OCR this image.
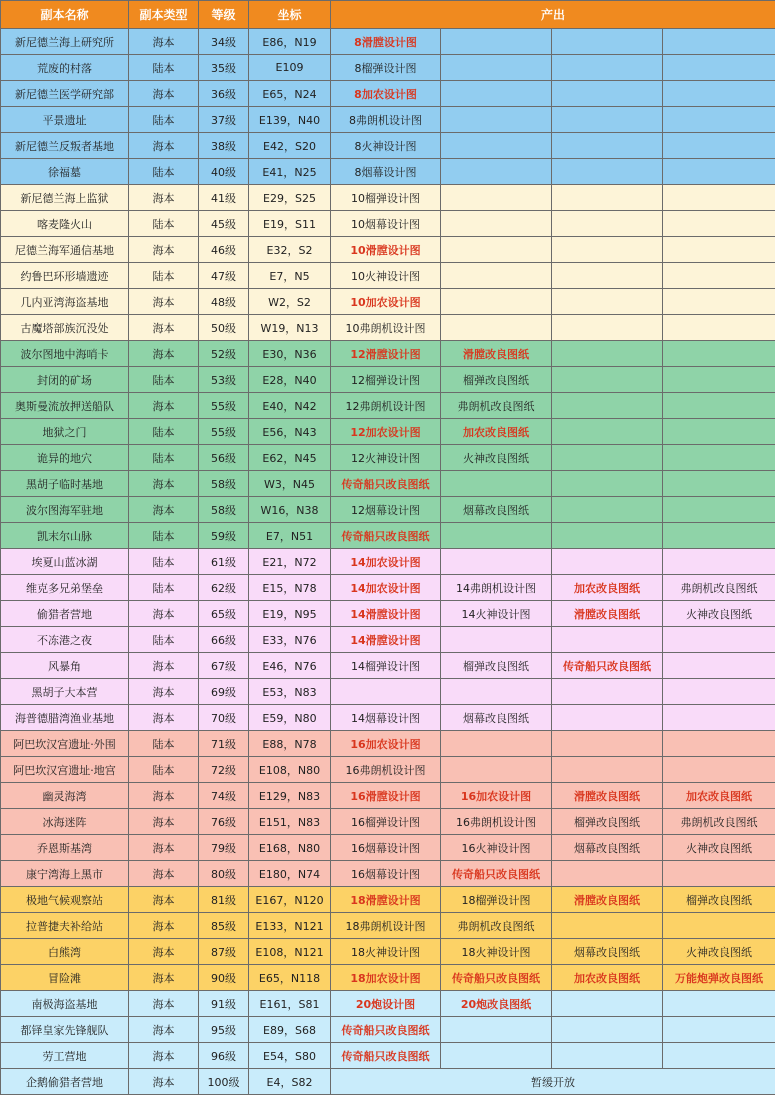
副本名称	副本类型	等级	坐标	产出			
新尼德兰海上研究所	海本	34级	E86，N19	8滑膛设计图			
荒废的村落	陆本	35级	E109	8榴弹设计图			
新尼德兰医学研究部	海本	36级	E65，N24	8加农设计图			
平景遗址	陆本	37级	E139，N40	8弗朗机设计图			
新尼德兰反叛者基地	海本	38级	E42，S20	8火神设计图			
徐福墓	陆本	40级	E41，N25	8烟幕设计图			
新尼德兰海上监狱	海本	41级	E29，S25	10榴弹设计图			
喀麦隆火山	陆本	45级	E19，S11	10烟幕设计图			
尼德兰海军通信基地	海本	46级	E32，S2	10滑膛设计图			
约鲁巴环形墙遗迹	陆本	47级	E7，N5	10火神设计图			
几内亚湾海盗基地	海本	48级	W2，S2	10加农设计图			
古魔塔部族沉没处	海本	50级	W19，N13	10弗朗机设计图			
波尔图地中海哨卡	海本	52级	E30，N36	12滑膛设计图	滑膛改良图纸		
封闭的矿场	陆本	53级	E28，N40	12榴弹设计图	榴弹改良图纸		
奥斯曼流放押送船队	海本	55级	E40，N42	12弗朗机设计图	弗朗机改良图纸		
地狱之门	陆本	55级	E56，N43	12加农设计图	加农改良图纸		
诡异的地穴	陆本	56级	E62，N45	12火神设计图	火神改良图纸		
黑胡子临时基地	海本	58级	W3，N45	传奇船只改良图纸			
波尔图海军驻地	海本	58级	W16，N38	12烟幕设计图	烟幕改良图纸		
凯末尔山脉	陆本	59级	E7，N51	传奇船只改良图纸			
埃夏山蓝冰湖	陆本	61级	E21，N72	14加农设计图			
维克多兄弟堡垒	陆本	62级	E15，N78	14加农设计图	14弗朗机设计图	加农改良图纸	弗朗机改良图纸
偷猎者营地	海本	65级	E19，N95	14滑膛设计图	14火神设计图	滑膛改良图纸	火神改良图纸
不冻港之夜	陆本	66级	E33，N76	14滑膛设计图			
风暴角	海本	67级	E46，N76	14榴弹设计图	榴弹改良图纸	传奇船只改良图纸	
黑胡子大本营	海本	69级	E53，N83				
海普德腊湾渔业基地	海本	70级	E59，N80	14烟幕设计图	烟幕改良图纸		
阿巴坎汉宫遗址·外围	陆本	71级	E88，N78	16加农设计图			
阿巴坎汉宫遗址·地宫	陆本	72级	E108，N80	16弗朗机设计图			
幽灵海湾	海本	74级	E129，N83	16滑膛设计图	16加农设计图	滑膛改良图纸	加农改良图纸
冰海迷阵	海本	76级	E151，N83	16榴弹设计图	16弗朗机设计图	榴弹改良图纸	弗朗机改良图纸
乔恩斯基湾	海本	79级	E168，N80	16烟幕设计图	16火神设计图	烟幕改良图纸	火神改良图纸
康宁湾海上黑市	海本	80级	E180，N74	16烟幕设计图	传奇船只改良图纸		
极地气候观察站	海本	81级	E167，N120	18滑膛设计图	18榴弹设计图	滑膛改良图纸	榴弹改良图纸
拉普捷夫补给站	海本	85级	E133，N121	18弗朗机设计图	弗朗机改良图纸		
白熊湾	海本	87级	E108，N121	18火神设计图	18火神设计图	烟幕改良图纸	火神改良图纸
冒险滩	海本	90级	E65，N118	18加农设计图	传奇船只改良图纸	加农改良图纸	万能炮弹改良图纸
南极海盗基地	海本	91级	E161，S81	20炮设计图	20炮改良图纸		
都铎皇家先锋舰队	海本	95级	E89，S68	传奇船只改良图纸			
劳工营地	海本	96级	E54，S80	传奇船只改良图纸			
企鹅偷猎者营地	海本	100级	E4，S82	暂缓开放			
